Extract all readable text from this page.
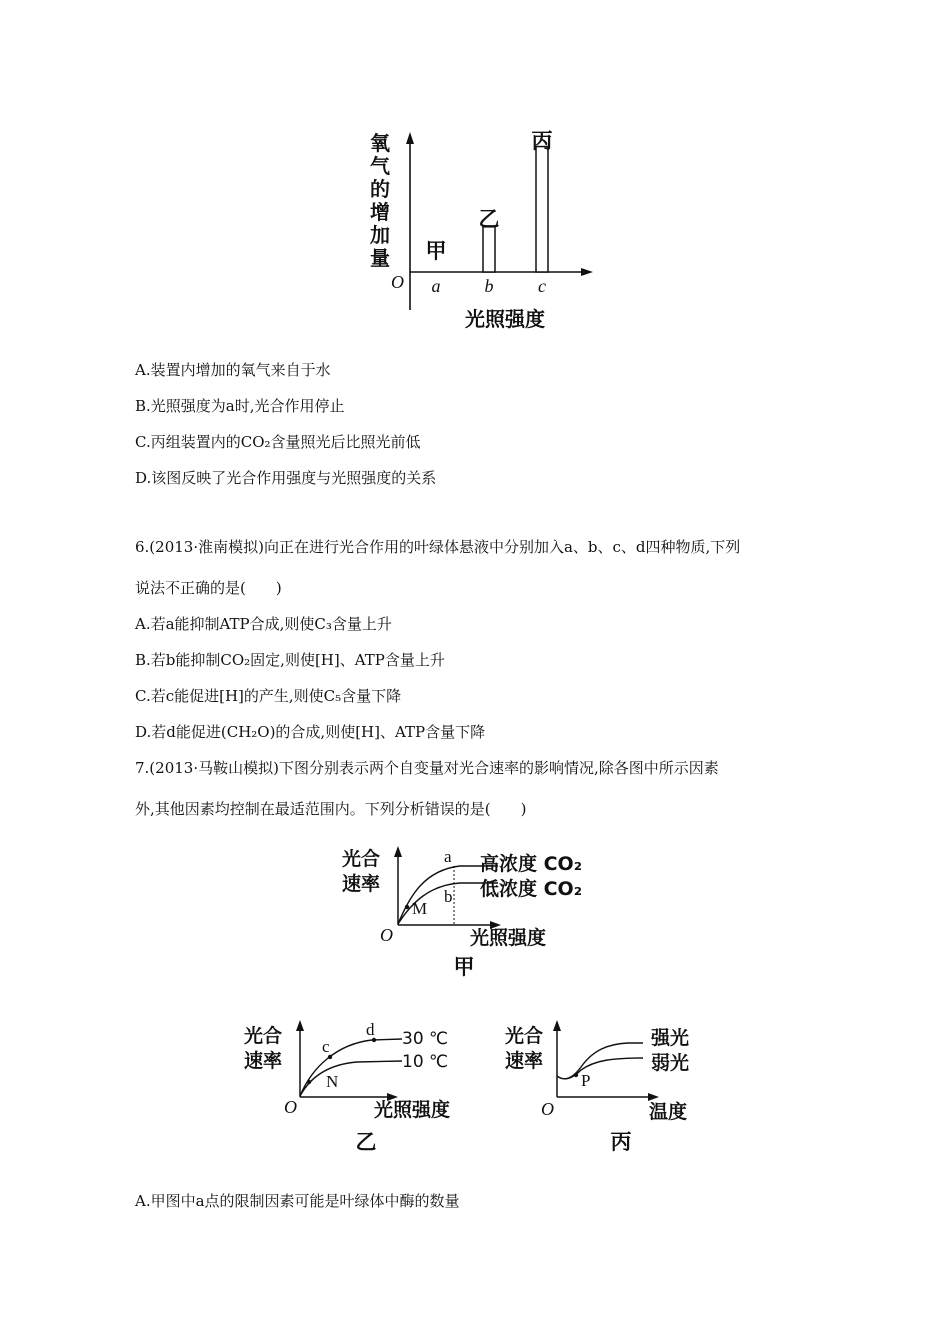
氧
气
的
增
加
量
O a b c
甲
乙
丙
光照强度
A.装置内增加的氧气来自于水
B.光照强度为a时,光合作用停止
C.丙组装置内的CO₂含量照光后比照光前低
D.该图反映了光合作用强度与光照强度的关系
6.(2013·淮南模拟)向正在进行光合作用的叶绿体悬液中分别加入a、b、c、d四种物质,下列
说法不正确的是(　　)
A.若a能抑制ATP合成,则使C₃含量上升
B.若b能抑制CO₂固定,则使[H]、ATP含量上升
C.若c能促进[H]的产生,则使C₅含量下降
D.若d能促进(CH₂O)的合成,则使[H]、ATP含量下降
7.(2013·马鞍山模拟)下图分别表示两个自变量对光合速率的影响情况,除各图中所示因素
外,其他因素均控制在最适范围内。下列分析错误的是(　　)
光合
速率
a
b
M
高浓度 CO₂
低浓度 CO₂
O	光照强度
甲
光合
速率
c
d
N
30 ℃
10 ℃
O	光照强度
乙
光合
速率
P
强光
弱光
O	温度
丙
A.甲图中a点的限制因素可能是叶绿体中酶的数量
